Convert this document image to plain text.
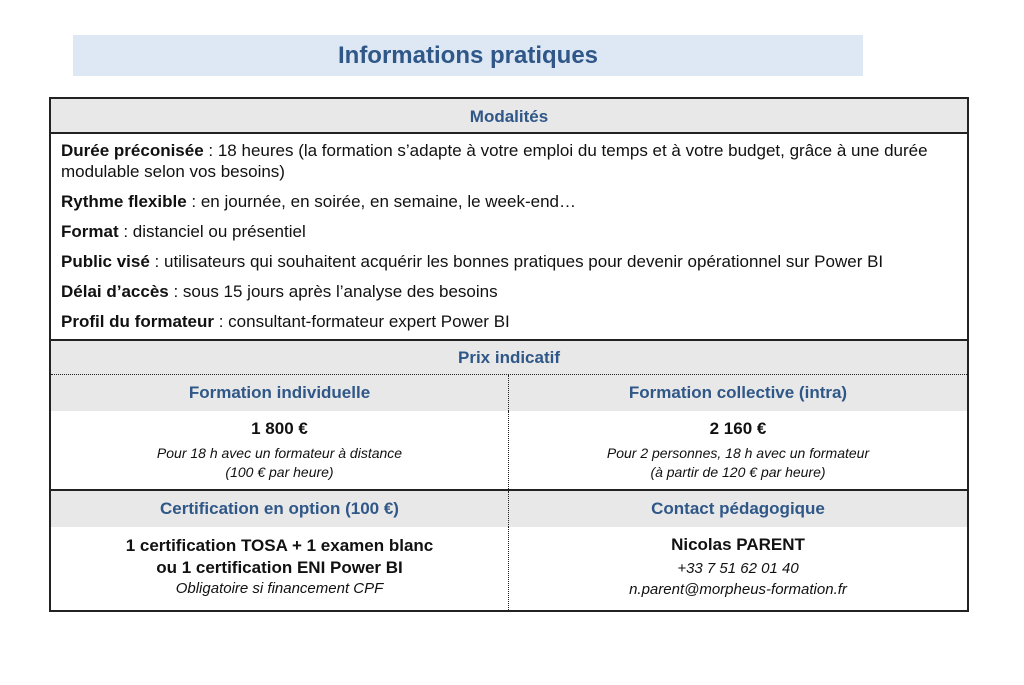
Informations pratiques
Modalités

Durée préconisée : 18 heures (la formation s’adapte à votre emploi du temps et à votre budget, grâce à une durée modulable selon vos besoins)

Rythme flexible : en journée, en soirée, en semaine, le week-end…

Format : distanciel ou présentiel

Public visé : utilisateurs qui souhaitent acquérir les bonnes pratiques pour devenir opérationnel sur Power BI

Délai d’accès : sous 15 jours après l’analyse des besoins

Profil du formateur : consultant-formateur expert Power BI

Prix indicatif
Formation individuelle	Formation collective (intra)
1 800 €
Pour 18 h avec un formateur à distance
(100 € par heure)
2 160 €
Pour 2 personnes, 18 h avec un formateur
(à partir de 120 € par heure)
Certification en option (100 €)	Contact pédagogique
1 certification TOSA + 1 examen blanc
ou 1 certification ENI Power BI
Obligatoire si financement CPF
Nicolas PARENT
+33 7 51 62 01 40
n.parent@morpheus-formation.fr
